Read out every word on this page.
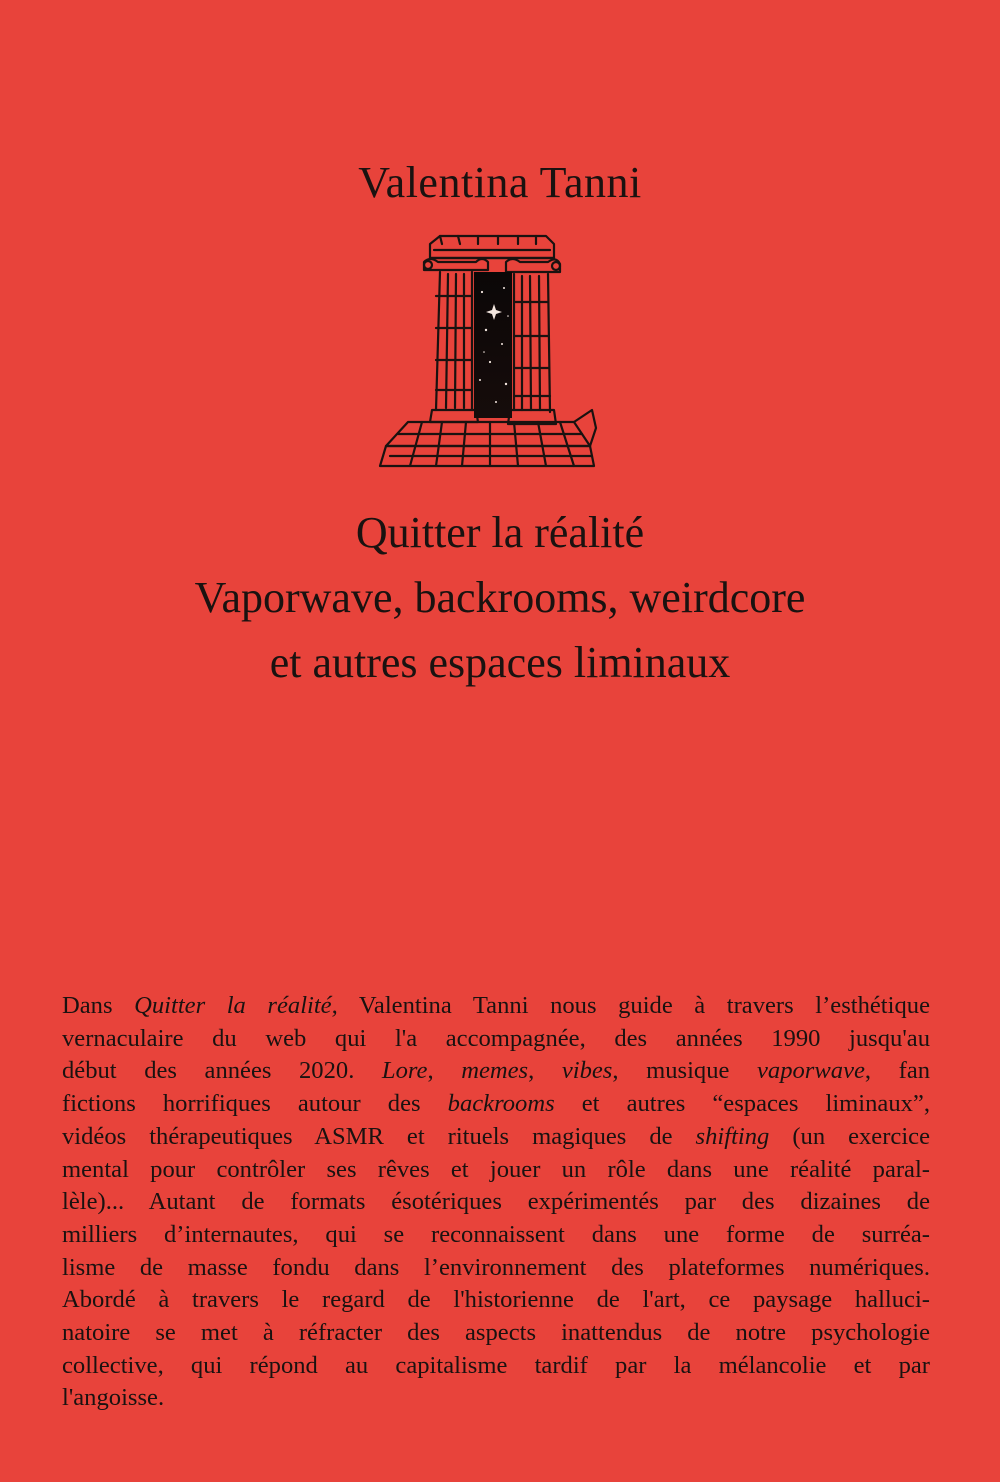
Valentina Tanni
Quitter la réalité
Vaporwave, backrooms, weirdcore
et autres espaces liminaux
Dans Quitter la réalité, Valentina Tanni nous guide à travers l’esthétique
vernaculaire du web qui l'a accompagnée, des années 1990 jusqu'au
début des années 2020. Lore, memes, vibes, musique vaporwave, fan
fictions horrifiques autour des backrooms et autres “espaces liminaux”,
vidéos thérapeutiques ASMR et rituels magiques de shifting (un exercice
mental pour contrôler ses rêves et jouer un rôle dans une réalité paral-
lèle)... Autant de formats ésotériques expérimentés par des dizaines de
milliers d’internautes, qui se reconnaissent dans une forme de surréa-
lisme de masse fondu dans l’environnement des plateformes numériques.
Abordé à travers le regard de l'historienne de l'art, ce paysage halluci-
natoire se met à réfracter des aspects inattendus de notre psychologie
collective, qui répond au capitalisme tardif par la mélancolie et par
l'angoisse.
